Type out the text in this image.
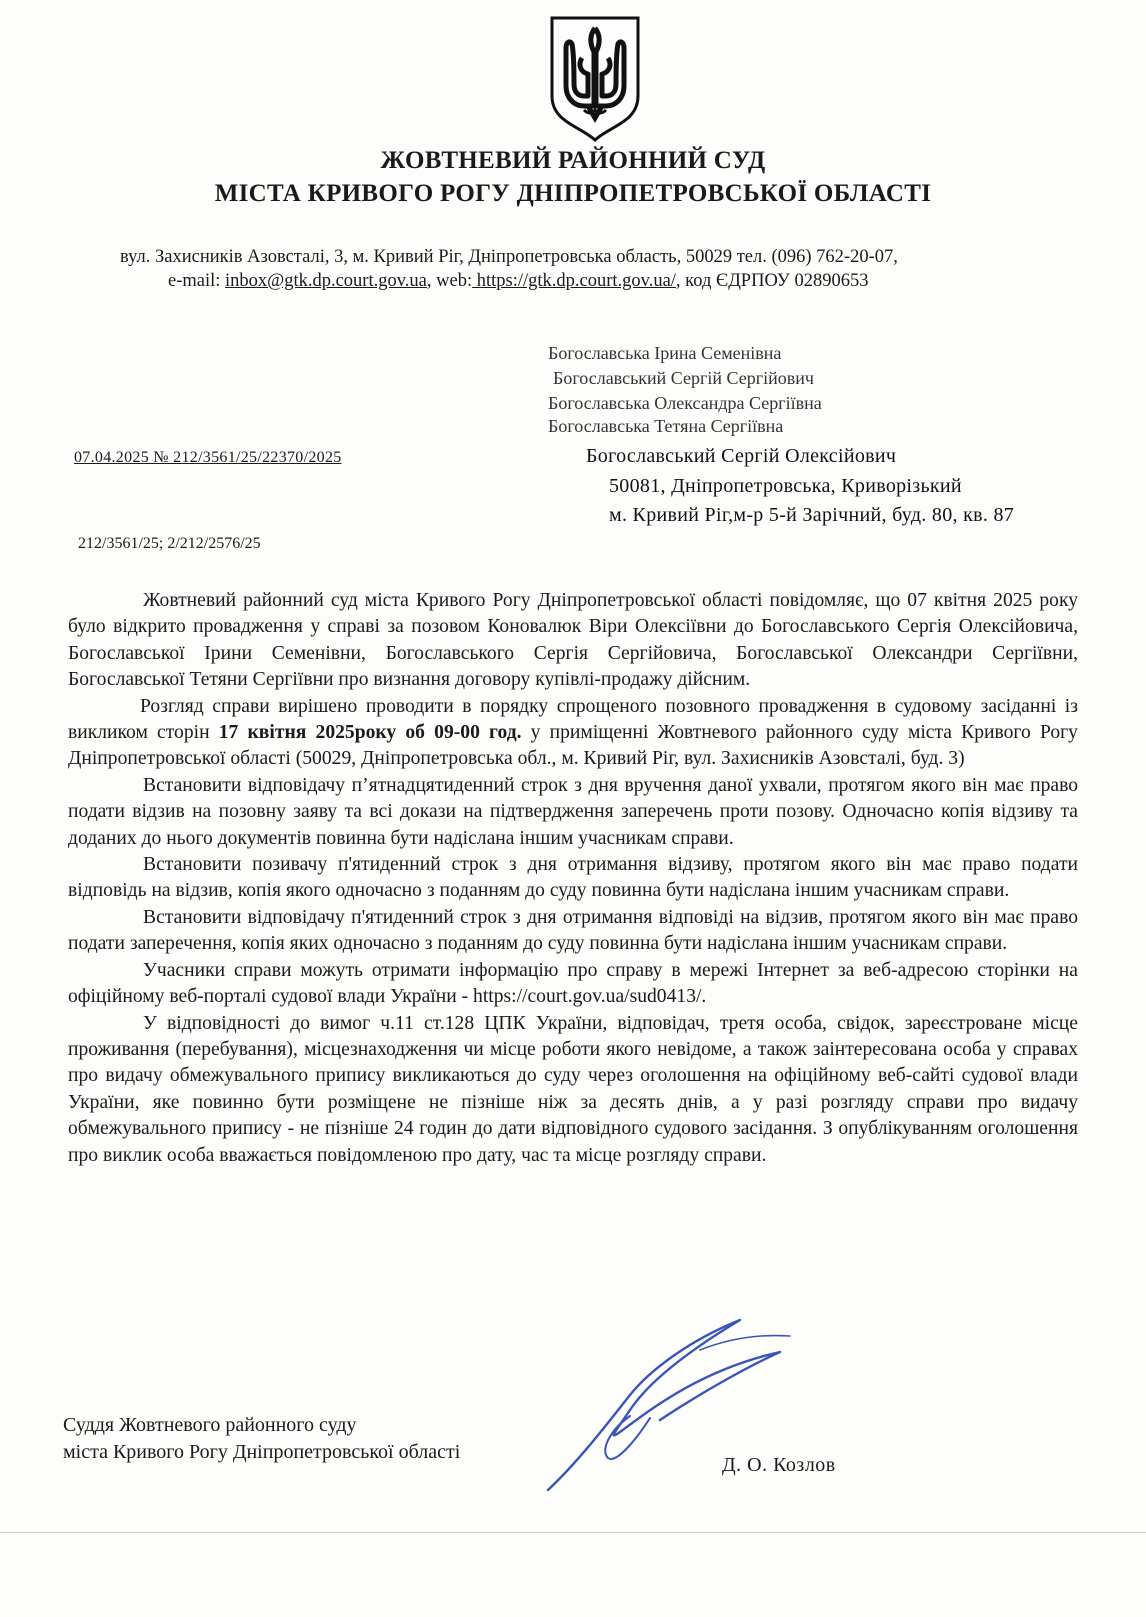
ЖОВТНЕВИЙ РАЙОННИЙ СУД
МІСТА КРИВОГО РОГУ ДНІПРОПЕТРОВСЬКОЇ ОБЛАСТІ
вул. Захисників Азовсталі, 3, м. Кривий Ріг, Дніпропетровська область, 50029 тел. (096) 762-20-07,
e-mail: inbox@gtk.dp.court.gov.ua, web: https://gtk.dp.court.gov.ua/, код ЄДРПОУ 02890653
Богославська Ірина Семенівна
Богославський Сергій Сергійович
Богославська Олександра Сергіївна
Богославська Тетяна Сергіївна
Богославський Сергій Олексійович
50081, Дніпропетровська, Криворізький
м. Кривий Ріг,м-р 5-й Зарічний, буд. 80, кв. 87
07.04.2025 № 212/3561/25/22370/2025
212/3561/25; 2/212/2576/25

Жовтневий районний суд міста Кривого Рогу Дніпропетровської області повідомляє, що 07 квітня 2025 року було відкрито провадження у справі за позовом Коновалюк Віри Олексіївни до Богославського Сергія Олексійовича, Богославської Ірини Семенівни, Богославського Сергія Сергійовича, Богославської Олександри Сергіївни, Богославської Тетяни Сергіївни про визнання договору купівлі-продажу дійсним.

Розгляд справи вирішено проводити в порядку спрощеного позовного провадження в судовому засіданні із викликом сторін 17 квітня 2025року об 09-00 год. у приміщенні Жовтневого районного суду міста Кривого Рогу Дніпропетровської області (50029, Дніпропетровська обл., м. Кривий Ріг, вул. Захисників Азовсталі, буд. 3)

Встановити відповідачу п’ятнадцятиденний строк з дня вручення даної ухвали, протягом якого він має право подати відзив на позовну заяву та всі докази на підтвердження заперечень проти позову. Одночасно копія відзиву та доданих до нього документів повинна бути надіслана іншим учасникам справи.

Встановити позивачу п'ятиденний строк з дня отримання відзиву, протягом якого він має право подати відповідь на відзив, копія якого одночасно з поданням до суду повинна бути надіслана іншим учасникам справи.

Встановити відповідачу п'ятиденний строк з дня отримання відповіді на відзив, протягом якого він має право подати заперечення, копія яких одночасно з поданням до суду повинна бути надіслана іншим учасникам справи.

Учасники справи можуть отримати інформацію про справу в мережі Інтернет за веб-адресою сторінки на офіційному веб-порталі судової влади України - https://court.gov.ua/sud0413/.

У відповідності до вимог ч.11 ст.128 ЦПК України, відповідач, третя особа, свідок, зареєстроване місце проживання (перебування), місцезнаходження чи місце роботи якого невідоме, а також заінтересована особа у справах про видачу обмежувального припису викликаються до суду через оголошення на офіційному веб-сайті судової влади України, яке повинно бути розміщене не пізніше ніж за десять днів, а у разі розгляду справи про видачу обмежувального припису - не пізніше 24 годин до дати відповідного судового засідання. З опублікуванням оголошення про виклик особа вважається повідомленою про дату, час та місце розгляду справи.

Суддя Жовтневого районного суду
міста Кривого Рогу Дніпропетровської області
Д. О. Козлов
